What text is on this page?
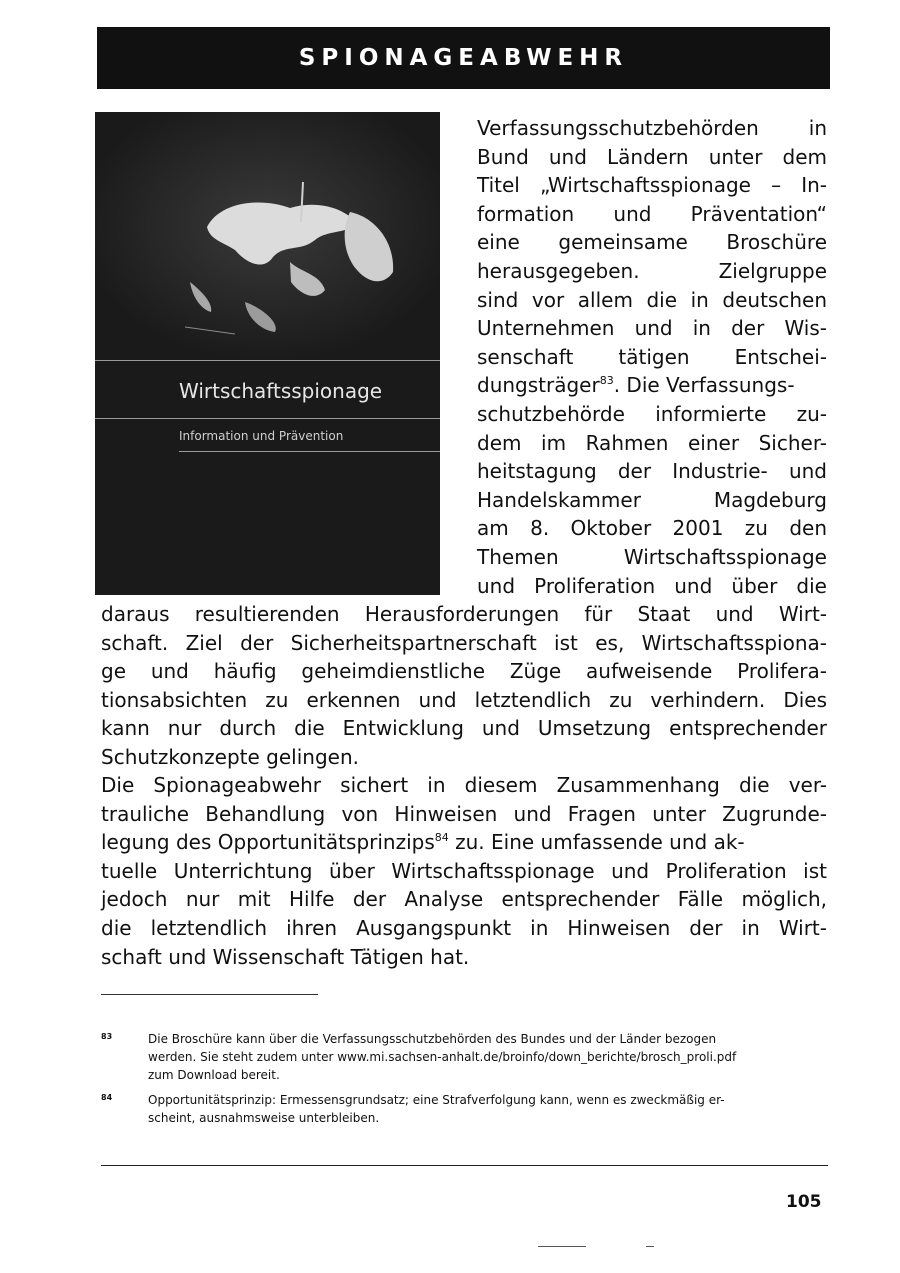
SPIONAGEABWEHR
Wirtschaftsspionage
Information und Prävention
Verfassungsschutzbehörden in
Bund und Ländern unter dem
Titel „Wirtschaftsspionage – In-
formation und Präventation“
eine gemeinsame Broschüre
herausgegeben. Zielgruppe
sind vor allem die in deutschen
Unternehmen und in der Wis-
senschaft tätigen Entschei-
dungsträger$^{83}$. Die Verfassungs-
schutzbehörde informierte zu-
dem im Rahmen einer Sicher-
heitstagung der Industrie- und
Handelskammer Magdeburg
am 8. Oktober 2001 zu den
Themen Wirtschaftsspionage
und Proliferation und über die
daraus resultierenden Herausforderungen für Staat und Wirt-
schaft. Ziel der Sicherheitspartnerschaft ist es, Wirtschaftsspiona-
ge und häufig geheimdienstliche Züge aufweisende Prolifera-
tionsabsichten zu erkennen und letztendlich zu verhindern. Dies
kann nur durch die Entwicklung und Umsetzung entsprechender
Schutzkonzepte gelingen.
Die Spionageabwehr sichert in diesem Zusammenhang die ver-
trauliche Behandlung von Hinweisen und Fragen unter Zugrunde-
legung des Opportunitätsprinzips$^{84}$ zu. Eine umfassende und ak-
tuelle Unterrichtung über Wirtschaftsspionage und Proliferation ist
jedoch nur mit Hilfe der Analyse entsprechender Fälle möglich,
die letztendlich ihren Ausgangspunkt in Hinweisen der in Wirt-
schaft und Wissenschaft Tätigen hat.
83	Die Broschüre kann über die Verfassungsschutzbehörden des Bundes und der Länder bezogen
werden. Sie steht zudem unter www.mi.sachsen-anhalt.de/broinfo/down_berichte/brosch_proli.pdf
zum Download bereit.
84	Opportunitätsprinzip: Ermessensgrundsatz; eine Strafverfolgung kann, wenn es zweckmäßig er-
scheint, ausnahmsweise unterbleiben.
105
